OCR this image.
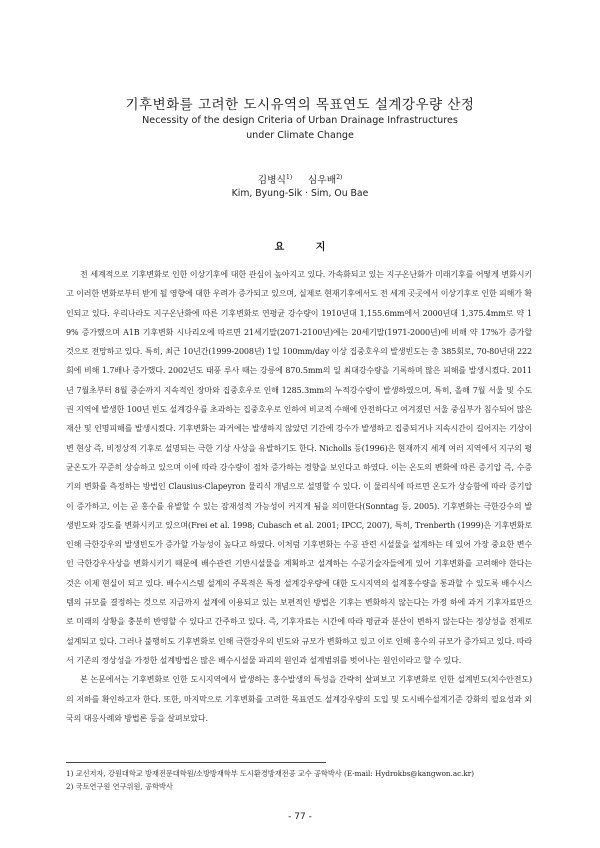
기후변화를 고려한 도시유역의 목표연도 설계강우량 산정
Necessity of the design Criteria of Urban Drainage Infrastructures
under Climate Change
김병식$^{1)}$ 심우배$^{2)}$
Kim, Byung-Sik · Sim, Ou Bae
요 지

전 세계적으로 기후변화로 인한 이상기후에 대한 관심이 높아지고 있다. 가속화되고 있는 지구온난화가 미래기후를 어떻게 변화시키고 이러한 변화로부터 받게 될 영향에 대한 우려가 증가되고 있으며, 실제로 현재기후에서도 전 세계 곳곳에서 이상기후로 인한 피해가 확인되고 있다. 우리나라도 지구온난화에 따른 기후변화로 연평균 강수량이 1910년대 1,155.6mm에서 2000년대 1,375.4mm로 약 19% 증가했으며 A1B 기후변화 시나리오에 따르면 21세기말(2071-2100년)에는 20세기말(1971-2000년)에 비해 약 17%가 증가할 것으로 전망하고 있다. 특히, 최근 10년간(1999-2008년) 1일 100mm/day 이상 집중호우의 발생빈도는 총 385회로, 70-80년대 222회에 비해 1.7배나 증가했다. 2002년도 태풍 루사 때는 강릉에 870.5mm의 일 최대강수량을 기록하며 많은 피해를 발생시켰다. 2011년 7월초부터 8월 중순까지 지속적인 장마와 집중호우로 인해 1285.3mm의 누적강수량이 발생하였으며, 특히, 올해 7월 서울 및 수도권 지역에 발생한 100년 빈도 설계강우를 초과하는 집중호우로 인하여 비교적 수해에 안전하다고 여겨졌던 서울 중심부가 침수되어 많은 재산 및 인명피해를 발생시켰다. 기후변화는 과거에는 발생하지 않았던 기간에 강수가 발생하고 집중되거나 지속시간이 길어지는 기상이변 현상 즉, 비정상적 기후로 설명되는 극한 기상 사상을 유발하기도 한다. Nicholls 등(1996)은 현재까지 세계 여러 지역에서 지구의 평균온도가 꾸준히 상승하고 있으며 이에 따라 강수량이 점차 증가하는 경향을 보인다고 하였다. 이는 온도의 변화에 따른 증기압 즉, 수증기의 변화를 측정하는 방법인 Clausius-Clapeyron 물리식 개념으로 설명할 수 있다. 이 물리식에 따르면 온도가 상승함에 따라 증기압이 증가하고, 이는 곧 홍수를 유발할 수 있는 잠재성적 가능성이 커지게 됨을 의미한다(Sonntag 등, 2005). 기후변화는 극한강수의 발생빈도와 강도를 변화시키고 있으며(Frei et al. 1998; Cubasch et al. 2001; IPCC, 2007), 특히, Trenberth (1999)은 기후변화로 인해 극한강우의 발생빈도가 증가할 가능성이 높다고 하였다. 이처럼 기후변화는 수공 관련 시설물을 설계하는 데 있어 가장 중요한 변수인 극한강우사상을 변화시키기 때문에 배수관련 기반시설물을 계획하고 설계하는 수공기술자들에게 있어 기후변화를 고려해야 한다는 것은 이제 현실이 되고 있다. 배수시스템 설계의 주목적은 특정 설계강우량에 대한 도시지역의 설계홍수량을 통과할 수 있도록 배수시스템의 규모를 결정하는 것으로 지금까지 설계에 이용되고 있는 보편적인 방법은 기후는 변화하지 않는다는 가정 하에 과거 기후자료만으로 미래의 상황을 충분히 반영할 수 있다고 간주하고 있다. 즉, 기후자료는 시간에 따라 평균과 분산이 변하지 않는다는 정상성을 전제로 설계되고 있다. 그러나 불행히도 기후변화로 인해 극한강우의 빈도와 규모가 변화하고 있고 이로 인해 홍수의 규모가 증가되고 있다. 따라서 기존의 정상성을 가정한 설계방법은 많은 배수시설물 파괴의 원인과 설계범위를 벗어나는 원인이라고 할 수 있다.

본 논문에서는 기후변화로 인한 도시지역에서 발생하는 홍수발생의 특성을 간략히 살펴보고 기후변화로 인한 설계빈도(치수안전도)의 저하를 확인하고자 한다. 또한, 마지막으로 기후변화를 고려한 목표연도 설계강우량의 도입 및 도시배수설계기준 강화의 필요성과 외국의 대응사례와 방법론 등을 살펴보았다.

1) 교신저자, 강원대학교 방재전문대학원/소방방재학부 도시환경방재전공 교수 공학박사 (E-mail: Hydrokbs@kangwon.ac.kr)
2) 국토연구원 연구위원, 공학박사
- 77 -
